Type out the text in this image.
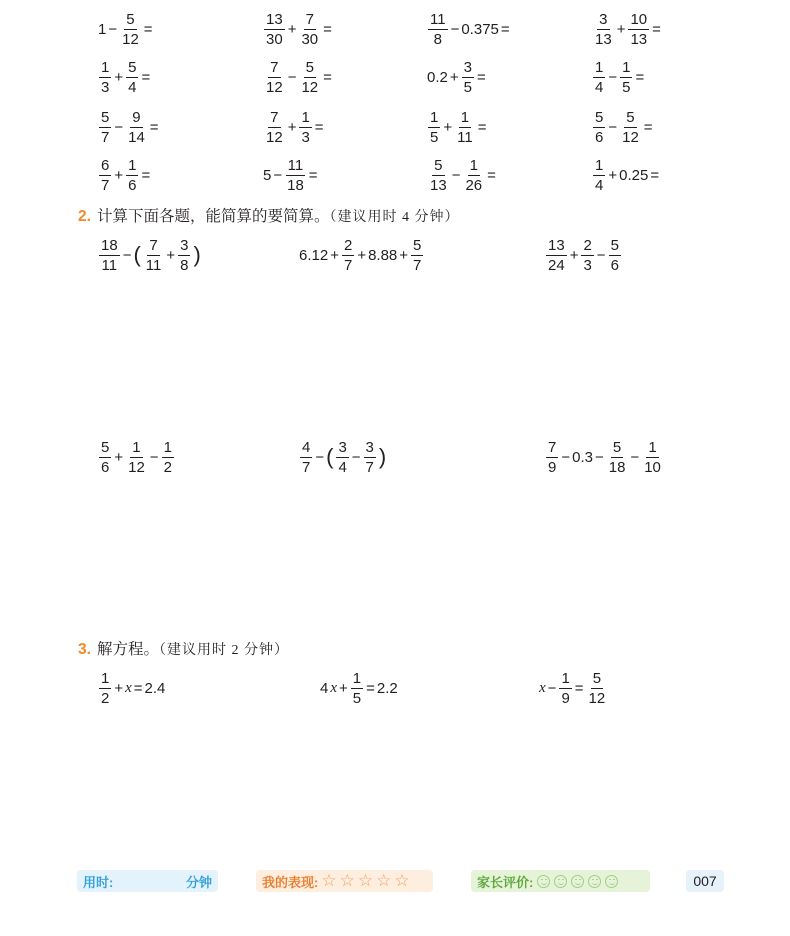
$1 - \frac{5}{12}$ =	$\frac{13}{30} + \frac{7}{30}$ =	$\frac{11}{8} - 0.375$ =	$\frac{3}{13} + \frac{10}{13}$ =
$\frac{1}{3} + \frac{5}{4}$ =	$\frac{7}{12} - \frac{5}{12}$ =	$0.2 + \frac{3}{5}$ =	$\frac{1}{4} - \frac{1}{5}$ =
$\frac{5}{7} - \frac{9}{14}$ =	$\frac{7}{12} + \frac{1}{3}$ =	$\frac{1}{5} + \frac{1}{11}$ =	$\frac{5}{6} - \frac{5}{12}$ =
$\frac{6}{7} + \frac{1}{6}$ =	$5 - \frac{11}{18}$ =	$\frac{5}{13} - \frac{1}{26}$ =	$\frac{1}{4} + 0.25$ =
2. 计算下面各题，能简算的要简算。（建议用时 4 分钟）
$\frac{18}{11}$ − ( $\frac{7}{11} + \frac{3}{8}$ )	$6.12 + \frac{2}{7} + 8.88 + \frac{5}{7}$	$\frac{13}{24} + \frac{2}{3} - \frac{5}{6}$
$\frac{5}{6} + \frac{1}{12} - \frac{1}{2}$	$\frac{4}{7}$ − ( $\frac{3}{4} - \frac{3}{7}$ )	$\frac{7}{9} - 0.3 - \frac{5}{18} - \frac{1}{10}$
3. 解方程。（建议用时 2 分钟）
$\frac{1}{2} + x = 2.4$	4 $x + \frac{1}{5} = 2.2$	$x - \frac{1}{9} = \frac{5}{12}$
用时:	分钟	我的表现: ☆ ☆ ☆ ☆ ☆	家长评价:	007
